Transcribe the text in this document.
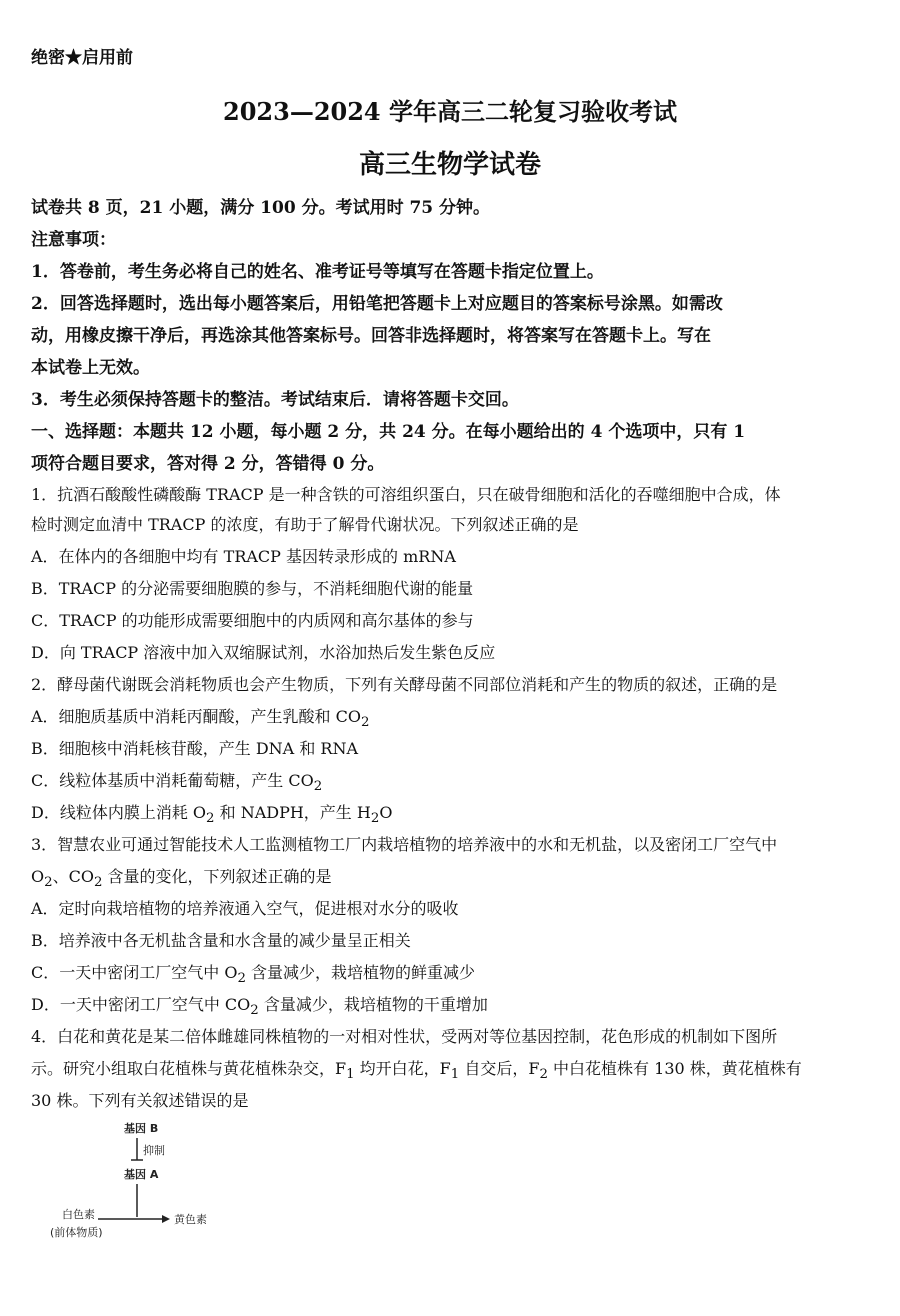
绝密★启用前
2023—2024 学年高三二轮复习验收考试
高三生物学试卷
试卷共 8 页，21 小题，满分 100 分。考试用时 75 分钟。
注意事项：
1．答卷前，考生务必将自己的姓名、准考证号等填写在答题卡指定位置上。
2．回答选择题时，选出每小题答案后，用铅笔把答题卡上对应题目的答案标号涂黑。如需改
动，用橡皮擦干净后，再选涂其他答案标号。回答非选择题时，将答案写在答题卡上。写在
本试卷上无效。
3．考生必须保持答题卡的整洁。考试结束后．请将答题卡交回。
一、选择题：本题共 12 小题，每小题 2 分，共 24 分。在每小题给出的 4 个选项中，只有 1
项符合题目要求，答对得 2 分，答错得 0 分。
1．抗酒石酸酸性磷酸酶 TRACP 是一种含铁的可溶组织蛋白，只在破骨细胞和活化的吞噬细胞中合成，体
检时测定血清中 TRACP 的浓度，有助于了解骨代谢状况。下列叙述正确的是
A．在体内的各细胞中均有 TRACP 基因转录形成的 mRNA
B．TRACP 的分泌需要细胞膜的参与，不消耗细胞代谢的能量
C．TRACP 的功能形成需要细胞中的内质网和高尔基体的参与
D．向 TRACP 溶液中加入双缩脲试剂，水浴加热后发生紫色反应
2．酵母菌代谢既会消耗物质也会产生物质，下列有关酵母菌不同部位消耗和产生的物质的叙述，正确的是
A．细胞质基质中消耗丙酮酸，产生乳酸和 $CO_2$
B．细胞核中消耗核苷酸，产生 DNA 和 RNA
C．线粒体基质中消耗葡萄糖，产生 $CO_2$
D．线粒体内膜上消耗 $O_2$ 和 NADPH，产生 $H_2O$
3．智慧农业可通过智能技术人工监测植物工厂内栽培植物的培养液中的水和无机盐，以及密闭工厂空气中
$O_2$、$CO_2$ 含量的变化，下列叙述正确的是
A．定时向栽培植物的培养液通入空气，促进根对水分的吸收
B．培养液中各无机盐含量和水含量的减少量呈正相关
C．一天中密闭工厂空气中 $O_2$ 含量减少，栽培植物的鲜重减少
D．一天中密闭工厂空气中 $CO_2$ 含量减少，栽培植物的干重增加
4．白花和黄花是某二倍体雌雄同株植物的一对相对性状，受两对等位基因控制，花色形成的机制如下图所
示。研究小组取白花植株与黄花植株杂交，$F_1$ 均开白花，$F_1$ 自交后，$F_2$ 中白花植株有 130 株，黄花植株有
30 株。下列有关叙述错误的是
基因 B
抑制
基因 A
白色素
(前体物质)
黄色素
